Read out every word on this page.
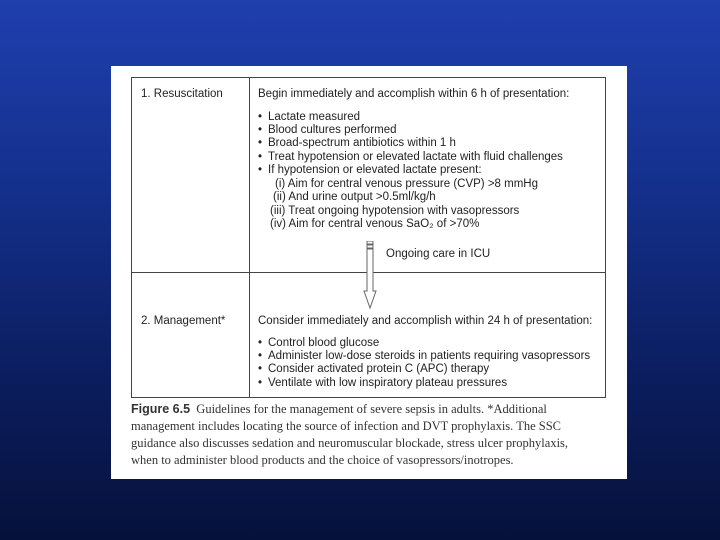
1. Resuscitation	Begin immediately and accomplish within 6 h of presentation:
• Lactate measured
• Blood cultures performed
• Broad-spectrum antibiotics within 1 h
• Treat hypotension or elevated lactate with fluid challenges
• If hypotension or elevated lactate present:
(i) Aim for central venous pressure (CVP) >8 mmHg
(ii) And urine output >0.5ml/kg/h
(iii) Treat ongoing hypotension with vasopressors
(iv) Aim for central venous SaO₂ of >70%
Ongoing care in ICU
2. Management*	Consider immediately and accomplish within 24 h of presentation:
• Control blood glucose
• Administer low-dose steroids in patients requiring vasopressors
• Consider activated protein C (APC) therapy
• Ventilate with low inspiratory plateau pressures
Figure 6.5 Guidelines for the management of severe sepsis in adults. *Additional
management includes locating the source of infection and DVT prophylaxis. The SSC
guidance also discusses sedation and neuromuscular blockade, stress ulcer prophylaxis,
when to administer blood products and the choice of vasopressors/inotropes.
